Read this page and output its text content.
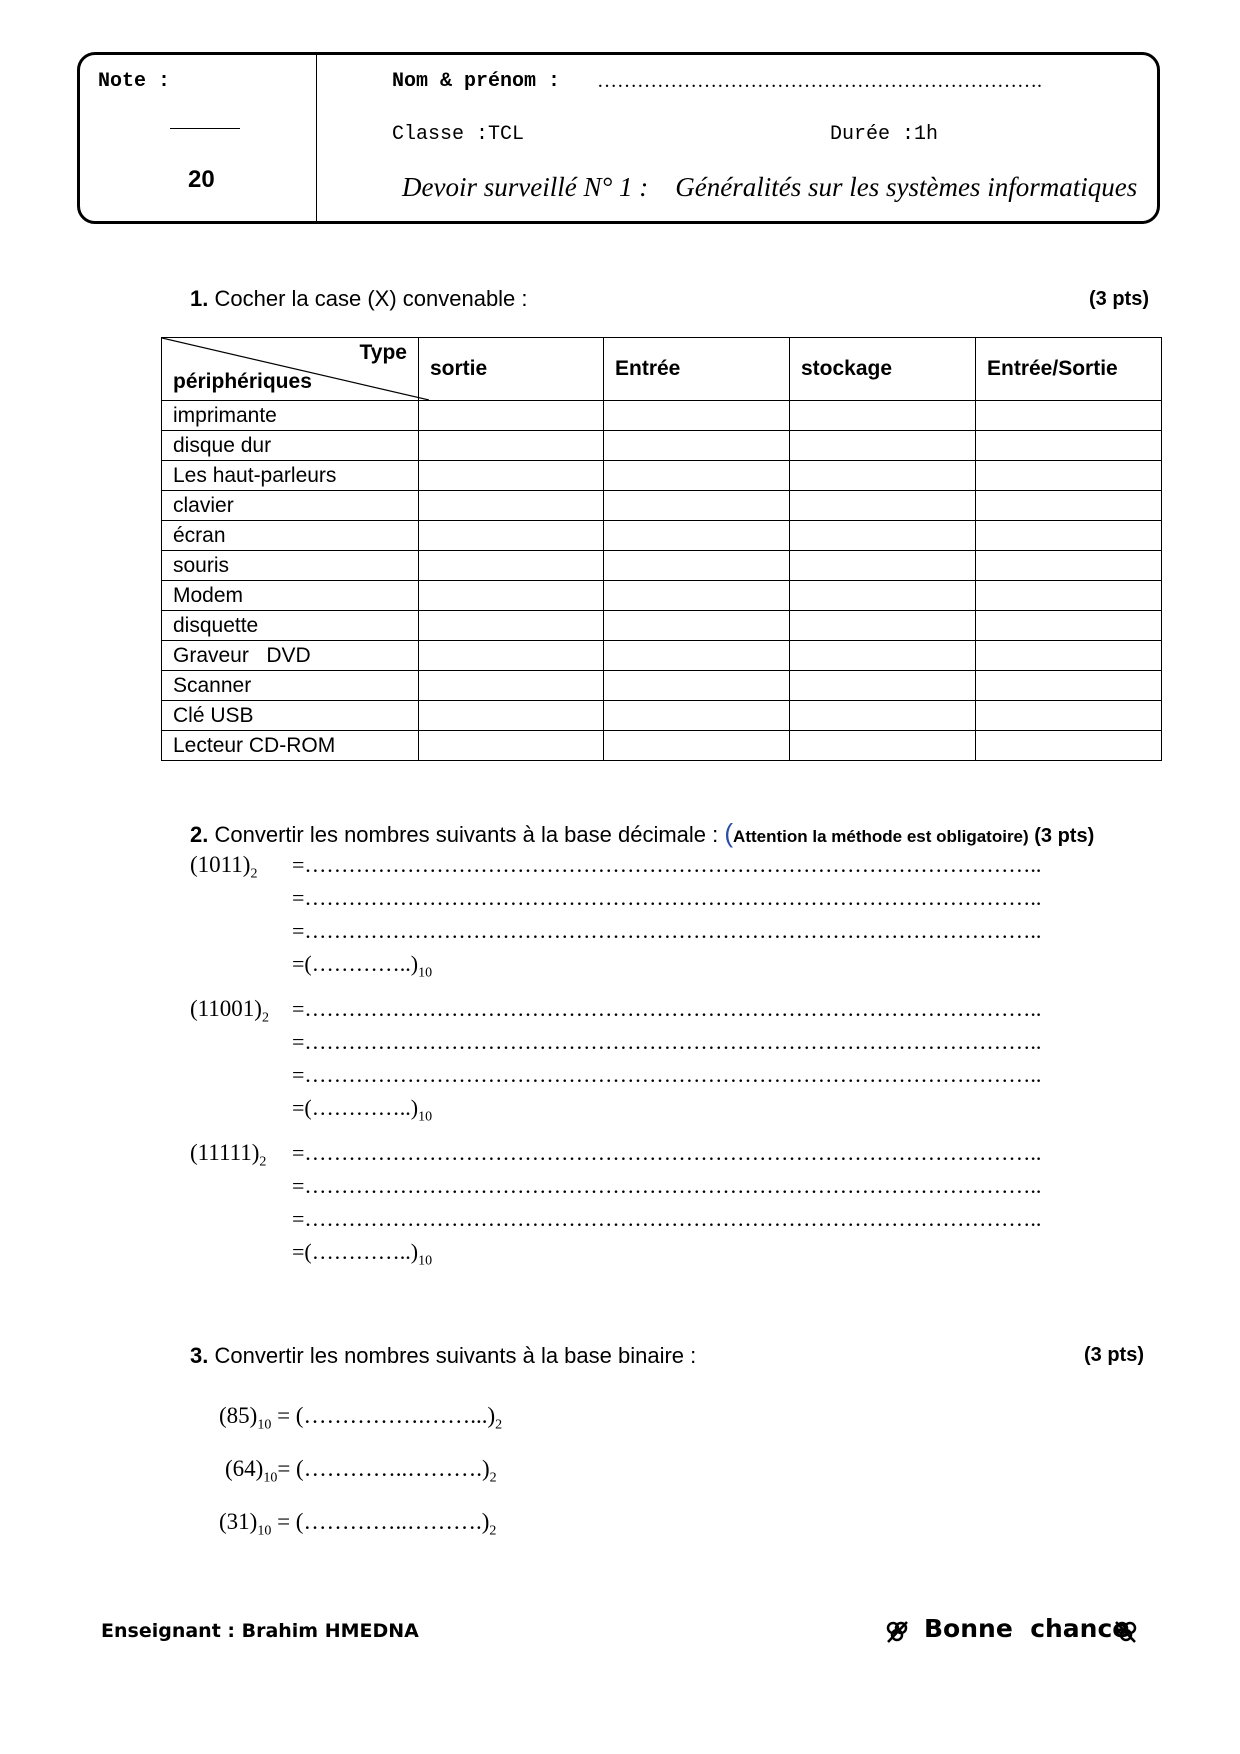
Note :
20
Nom & prénom : ………………………………………………………….
Classe :TCL	Durée :1h
Devoir surveillé N° 1 :    Généralités sur les systèmes informatiques
1. Cocher la case (X) convenable :	(3 pts)
Type
périphériques	sortie	Entrée	stockage	Entrée/Sortie
imprimante				
disque dur				
Les haut-parleurs				
clavier				
écran				
souris				
Modem				
disquette				
Graveur   DVD				
Scanner				
Clé USB				
Lecteur CD-ROM				
2. Convertir les nombres suivants à la base décimale : (Attention la méthode est obligatoire) (3 pts)
$(1011)_2$ =………………………………………………………………………………………..
=………………………………………………………………………………………..
=………………………………………………………………………………………..
$=(\dots\dots\dots\dots..)_{10}$
$(11001)_2$ =………………………………………………………………………………………..
=………………………………………………………………………………………..
=………………………………………………………………………………………..
$=(\dots\dots\dots\dots..)_{10}$
$(11111)_2$ =………………………………………………………………………………………..
=………………………………………………………………………………………..
=………………………………………………………………………………………..
$=(\dots\dots\dots\dots..)_{10}$
3. Convertir les nombres suivants à la base binaire :	(3 pts)
$(85)_{10}$ = $(\dots\dots\dots\dots\dots.\dots\dots...)_2$
$(64)_{10}=$ $(\dots\dots\dots\dots..\dots\dots\dots.)_2$
$(31)_{10}$ = $(\dots\dots\dots\dots..\dots\dots\dots.)_2$
Enseignant : Brahim HMEDNA	Bonne  chance
